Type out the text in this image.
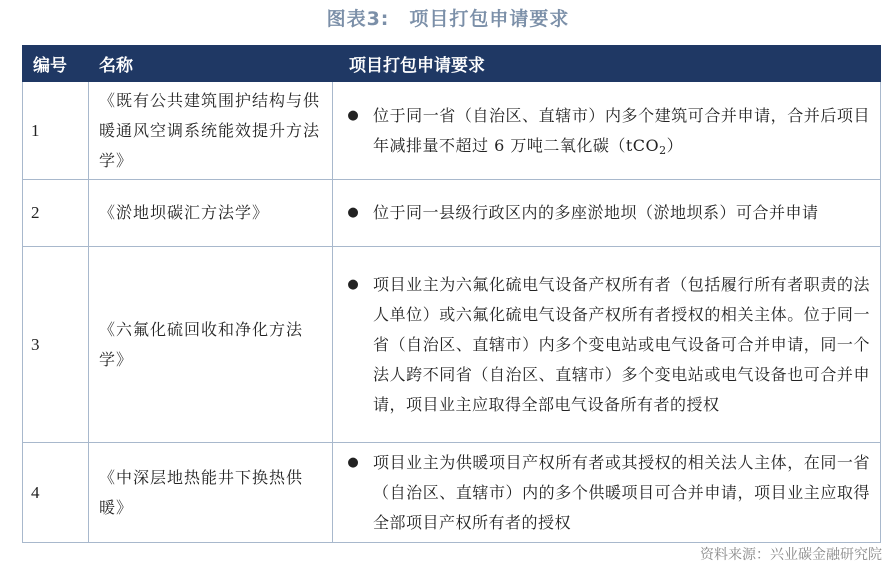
图表3:　项目打包申请要求
编号	名称	项目打包申请要求
1	《既有公共建筑围护结构与供暖通风空调系统能效提升方法学》	● 位于同一省（自治区、直辖市）内多个建筑可合并申请，合并后项目年减排量不超过 6 万吨二氧化碳（tCO$_2$）

2	《淤地坝碳汇方法学》	● 位于同一县级行政区内的多座淤地坝（淤地坝系）可合并申请

3	《六氟化硫回收和净化方法学》	● 项目业主为六氟化硫电气设备产权所有者（包括履行所有者职责的法人单位）或六氟化硫电气设备产权所有者授权的相关主体。位于同一省（自治区、直辖市）内多个变电站或电气设备可合并申请，同一个法人跨不同省（自治区、直辖市）多个变电站或电气设备也可合并申请，项目业主应取得全部电气设备所有者的授权

4	《中深层地热能井下换热供暖》	● 项目业主为供暖项目产权所有者或其授权的相关法人主体，在同一省（自治区、直辖市）内的多个供暖项目可合并申请，项目业主应取得全部项目产权所有者的授权
资料来源：兴业碳金融研究院
